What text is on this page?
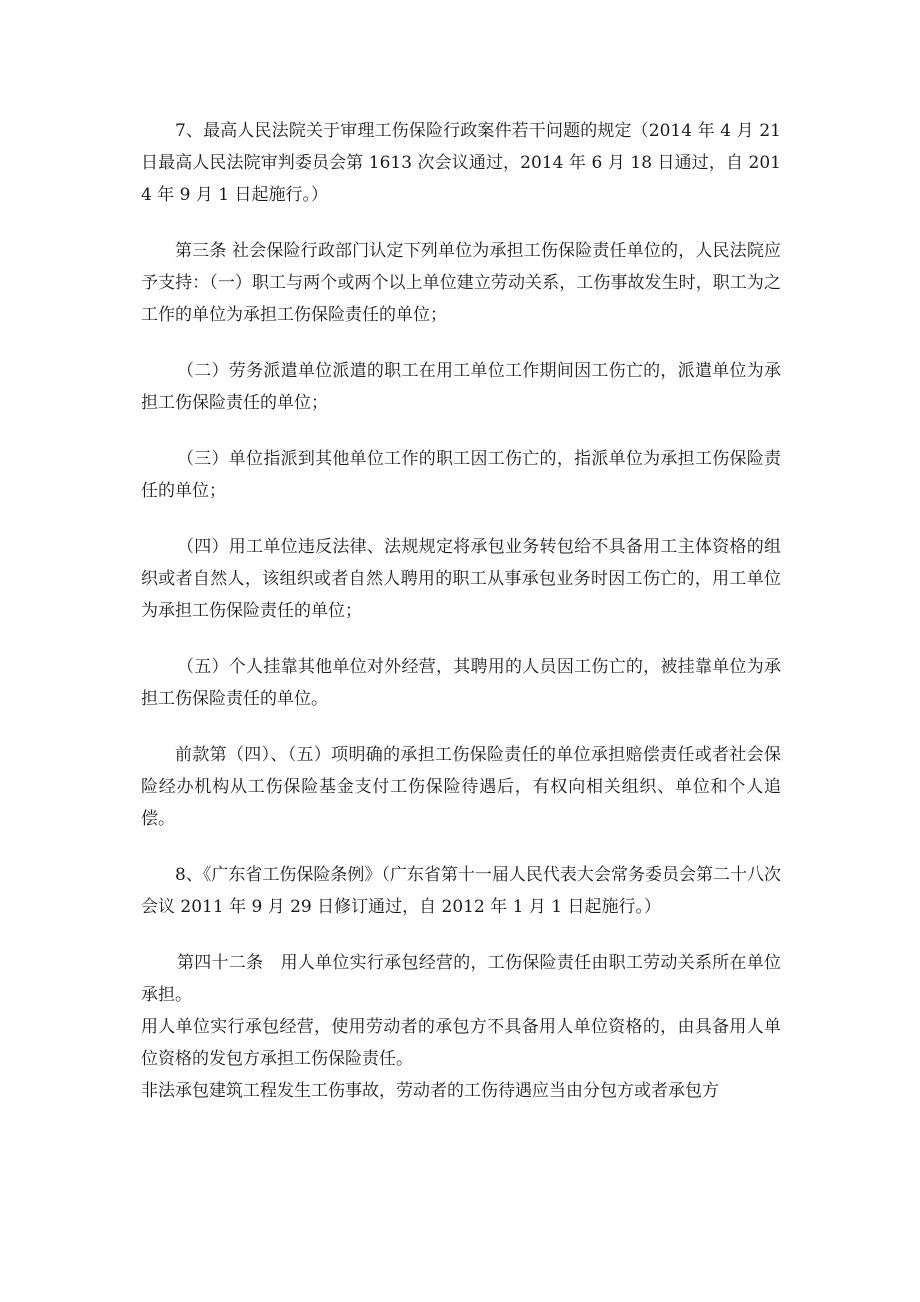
7、最高人民法院关于审理工伤保险行政案件若干问题的规定（2014 年 4 月 21 日最高人民法院审判委员会第 1613 次会议通过，2014 年 6 月 18 日通过，自 2014 年 9 月 1 日起施行。）

第三条 社会保险行政部门认定下列单位为承担工伤保险责任单位的，人民法院应予支持：（一）职工与两个或两个以上单位建立劳动关系，工伤事故发生时，职工为之工作的单位为承担工伤保险责任的单位；

（二）劳务派遣单位派遣的职工在用工单位工作期间因工伤亡的，派遣单位为承担工伤保险责任的单位；

（三）单位指派到其他单位工作的职工因工伤亡的，指派单位为承担工伤保险责任的单位；

（四）用工单位违反法律、法规规定将承包业务转包给不具备用工主体资格的组织或者自然人，该组织或者自然人聘用的职工从事承包业务时因工伤亡的，用工单位为承担工伤保险责任的单位；

（五）个人挂靠其他单位对外经营，其聘用的人员因工伤亡的，被挂靠单位为承担工伤保险责任的单位。

前款第（四）、（五）项明确的承担工伤保险责任的单位承担赔偿责任或者社会保险经办机构从工伤保险基金支付工伤保险待遇后，有权向相关组织、单位和个人追偿。

8、《广东省工伤保险条例》（广东省第十一届人民代表大会常务委员会第二十八次会议 2011 年 9 月 29 日修订通过，自 2012 年 1 月 1 日起施行。）

第四十二条　用人单位实行承包经营的，工伤保险责任由职工劳动关系所在单位承担。

用人单位实行承包经营，使用劳动者的承包方不具备用人单位资格的，由具备用人单位资格的发包方承担工伤保险责任。

非法承包建筑工程发生工伤事故，劳动者的工伤待遇应当由分包方或者承包方
